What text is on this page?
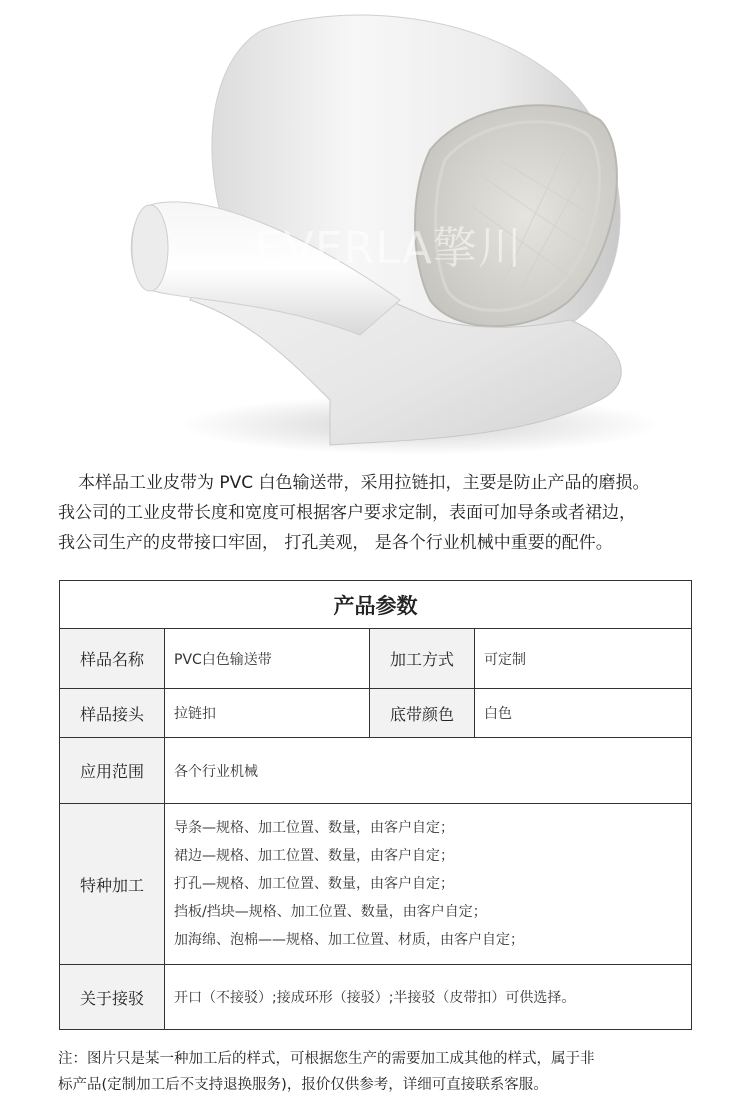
EVERLA擎川

本样品工业皮带为 PVC 白色输送带，采用拉链扣，主要是防止产品的磨损。

我公司的工业皮带长度和宽度可根据客户要求定制，表面可加导条或者裙边，

我公司生产的皮带接口牢固， 打孔美观， 是各个行业机械中重要的配件。

产品参数			
样品名称	PVC白色输送带	加工方式	可定制
样品接头	拉链扣	底带颜色	白色
应用范围	各个行业机械		
特种加工	导条—规格、加工位置、数量，由客户自定；
裙边—规格、加工位置、数量，由客户自定；
打孔—规格、加工位置、数量，由客户自定；
挡板/挡块—规格、加工位置、数量，由客户自定；
加海绵、泡棉——规格、加工位置、材质，由客户自定；		

关于接驳	开口（不接驳）;接成环形（接驳）;半接驳（皮带扣）可供选择。		

注：图片只是某一种加工后的样式，可根据您生产的需要加工成其他的样式，属于非

标产品(定制加工后不支持退换服务)，报价仅供参考，详细可直接联系客服。
